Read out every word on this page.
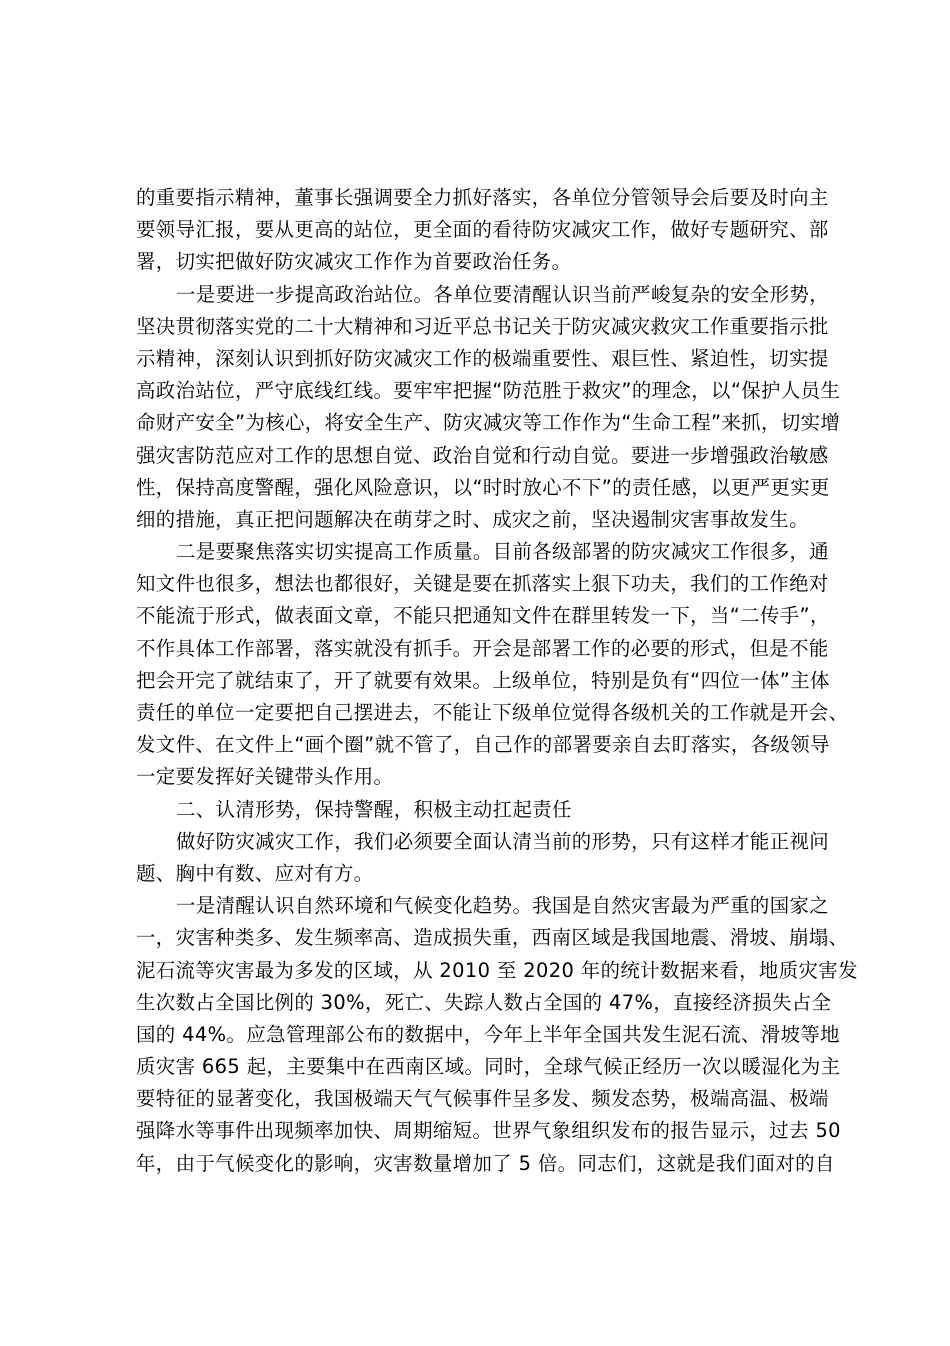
的重要指示精神，董事长强调要全力抓好落实，各单位分管领导会后要及时向主
要领导汇报，要从更高的站位，更全面的看待防灾减灾工作，做好专题研究、部
署，切实把做好防灾减灾工作作为首要政治任务。
一是要进一步提高政治站位。各单位要清醒认识当前严峻复杂的安全形势，
坚决贯彻落实党的二十大精神和习近平总书记关于防灾减灾救灾工作重要指示批
示精神，深刻认识到抓好防灾减灾工作的极端重要性、艰巨性、紧迫性，切实提
高政治站位，严守底线红线。要牢牢把握“防范胜于救灾”的理念，以“保护人员生
命财产安全”为核心，将安全生产、防灾减灾等工作作为“生命工程”来抓，切实增
强灾害防范应对工作的思想自觉、政治自觉和行动自觉。要进一步增强政治敏感
性，保持高度警醒，强化风险意识，以“时时放心不下”的责任感，以更严更实更
细的措施，真正把问题解决在萌芽之时、成灾之前，坚决遏制灾害事故发生。
二是要聚焦落实切实提高工作质量。目前各级部署的防灾减灾工作很多，通
知文件也很多，想法也都很好，关键是要在抓落实上狠下功夫，我们的工作绝对
不能流于形式，做表面文章，不能只把通知文件在群里转发一下，当“二传手”，
不作具体工作部署，落实就没有抓手。开会是部署工作的必要的形式，但是不能
把会开完了就结束了，开了就要有效果。上级单位，特别是负有“四位一体”主体
责任的单位一定要把自己摆进去，不能让下级单位觉得各级机关的工作就是开会、
发文件、在文件上“画个圈”就不管了，自己作的部署要亲自去盯落实，各级领导
一定要发挥好关键带头作用。
二、认清形势，保持警醒，积极主动扛起责任
做好防灾减灾工作，我们必须要全面认清当前的形势，只有这样才能正视问
题、胸中有数、应对有方。
一是清醒认识自然环境和气候变化趋势。我国是自然灾害最为严重的国家之
一，灾害种类多、发生频率高、造成损失重，西南区域是我国地震、滑坡、崩塌、
泥石流等灾害最为多发的区域，从 2010 至 2020 年的统计数据来看，地质灾害发
生次数占全国比例的 30%，死亡、失踪人数占全国的 47%，直接经济损失占全
国的 44%。应急管理部公布的数据中，今年上半年全国共发生泥石流、滑坡等地
质灾害 665 起，主要集中在西南区域。同时，全球气候正经历一次以暖湿化为主
要特征的显著变化，我国极端天气气候事件呈多发、频发态势，极端高温、极端
强降水等事件出现频率加快、周期缩短。世界气象组织发布的报告显示，过去 50
年，由于气候变化的影响，灾害数量增加了 5 倍。同志们，这就是我们面对的自
